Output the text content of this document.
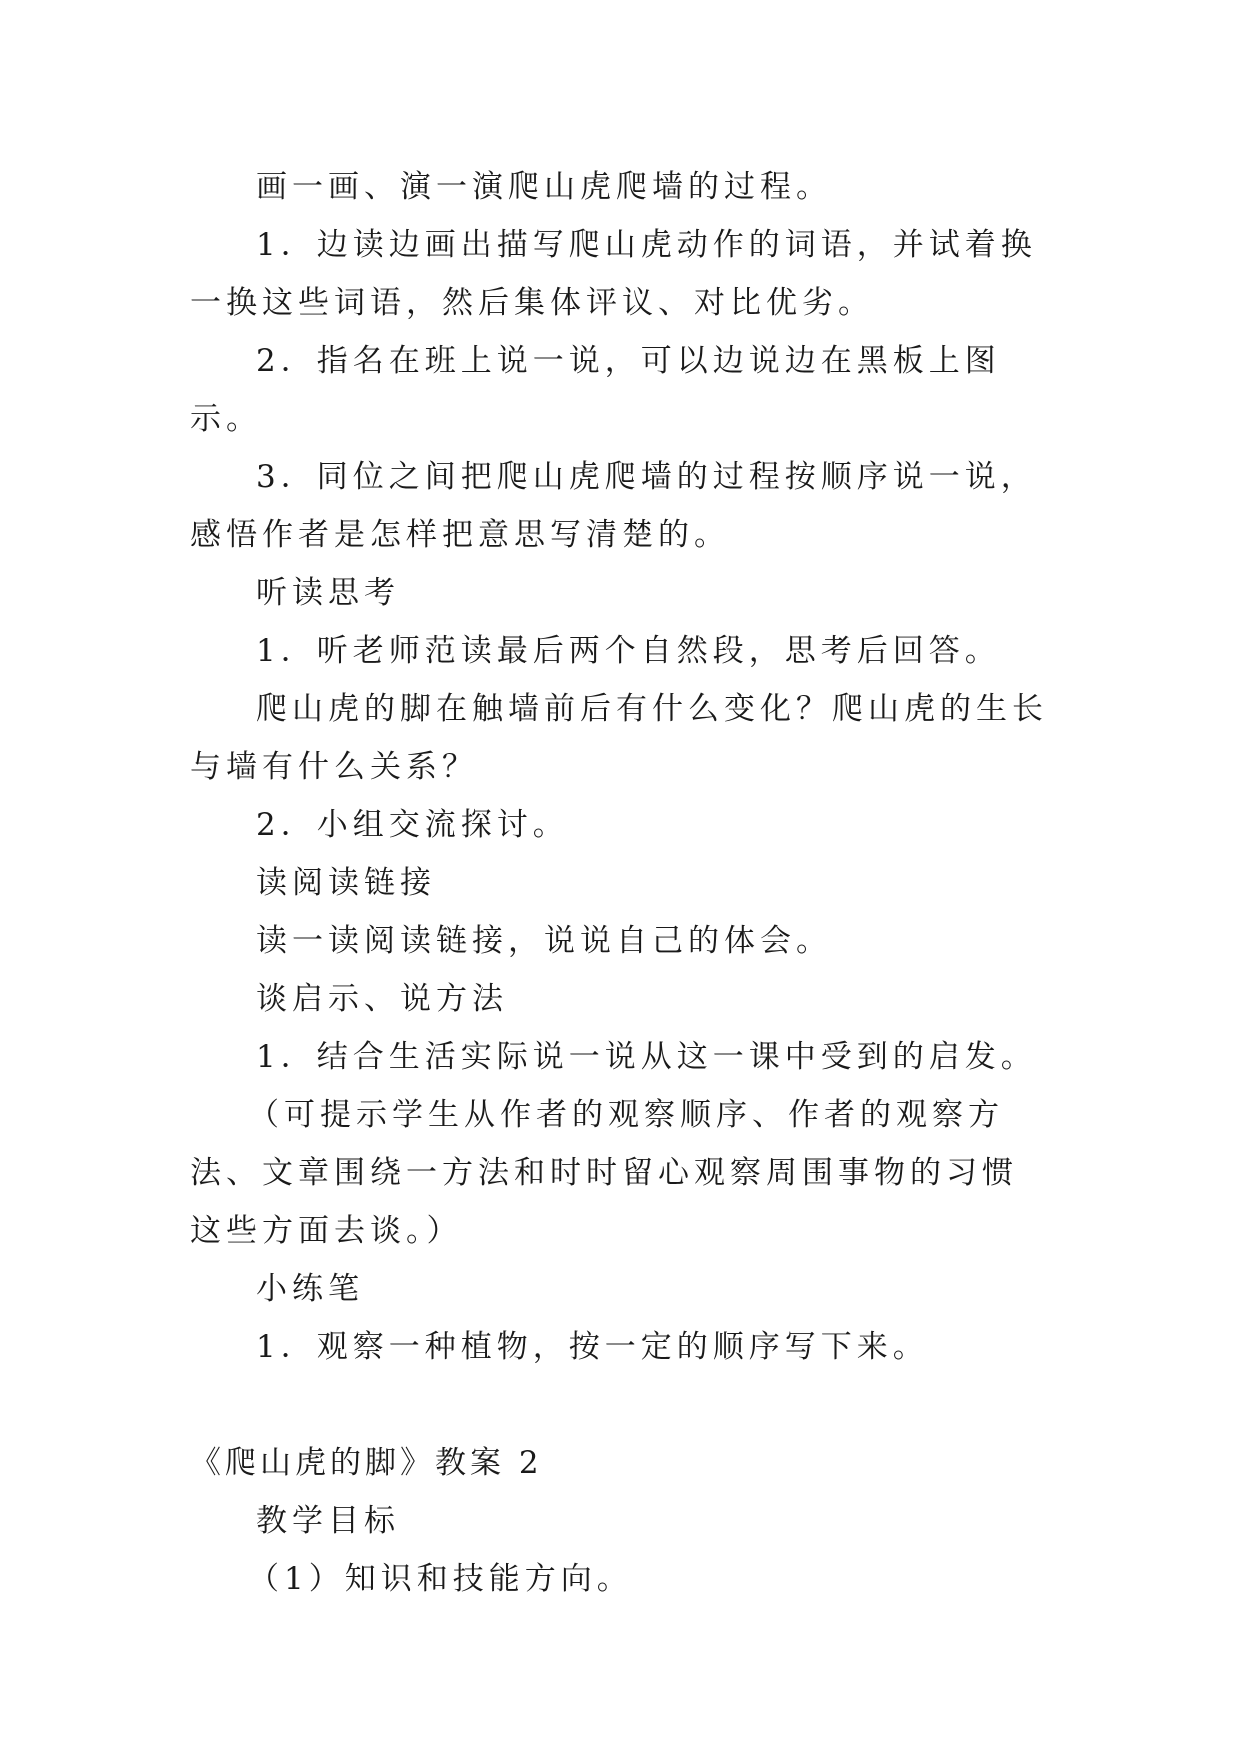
画一画、演一演爬山虎爬墙的过程。

1．边读边画出描写爬山虎动作的词语，并试着换一换这些词语，然后集体评议、对比优劣。

2．指名在班上说一说，可以边说边在黑板上图示。

3．同位之间把爬山虎爬墙的过程按顺序说一说，感悟作者是怎样把意思写清楚的。

听读思考

1．听老师范读最后两个自然段，思考后回答。

爬山虎的脚在触墙前后有什么变化？爬山虎的生长与墙有什么关系？

2．小组交流探讨。

读阅读链接

读一读阅读链接，说说自己的体会。

谈启示、说方法

1．结合生活实际说一说从这一课中受到的启发。

（可提示学生从作者的观察顺序、作者的观察方法、文章围绕一方法和时时留心观察周围事物的习惯这些方面去谈。）

小练笔

1．观察一种植物，按一定的顺序写下来。

《爬山虎的脚》教案 2

教学目标

（1）知识和技能方向。
